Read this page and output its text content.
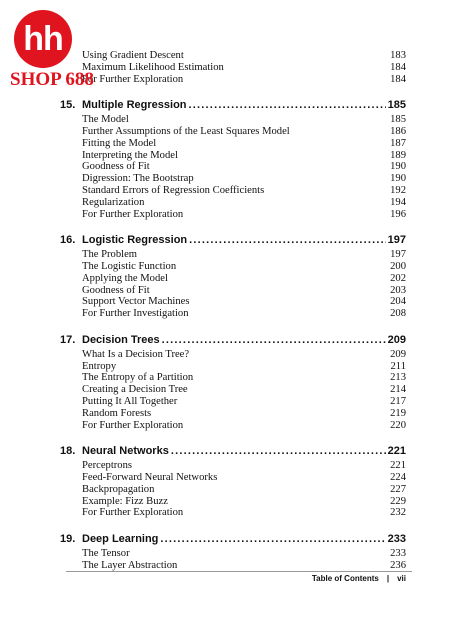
Using Gradient Descent	183
Maximum Likelihood Estimation	184
For Further Exploration	184
15. Multiple Regression .....	185
The Model	185
Further Assumptions of the Least Squares Model	186
Fitting the Model	187
Interpreting the Model	189
Goodness of Fit	190
Digression: The Bootstrap	190
Standard Errors of Regression Coefficients	192
Regularization	194
For Further Exploration	196
16. Logistic Regression .....	197
The Problem	197
The Logistic Function	200
Applying the Model	202
Goodness of Fit	203
Support Vector Machines	204
For Further Investigation	208
17. Decision Trees .....	209
What Is a Decision Tree?	209
Entropy	211
The Entropy of a Partition	213
Creating a Decision Tree	214
Putting It All Together	217
Random Forests	219
For Further Exploration	220
18. Neural Networks .....	221
Perceptrons	221
Feed-Forward Neural Networks	224
Backpropagation	227
Example: Fizz Buzz	229
For Further Exploration	232
19. Deep Learning .....	233
The Tensor	233
The Layer Abstraction	236
hh
SHOP 688
Table of Contents | vii
